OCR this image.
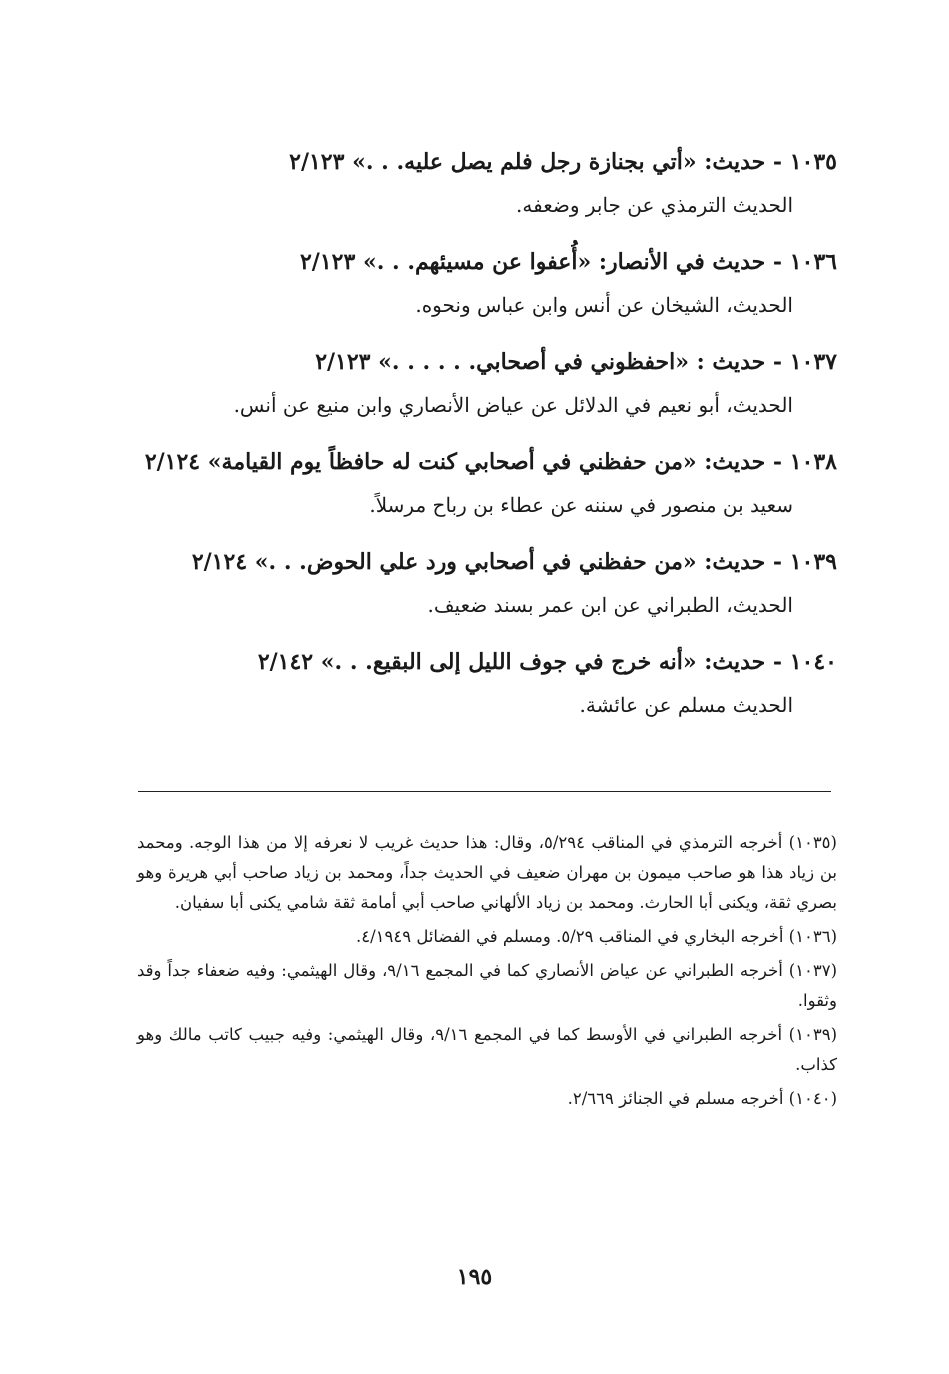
١٠٣٥ - حديث: «أتي بجنازة رجل فلم يصل عليه. . .» ٢/١٢٣
الحديث الترمذي عن جابر وضعفه.
١٠٣٦ - حديث في الأنصار: «أُعفوا عن مسيئهم. . .» ٢/١٢٣
الحديث، الشيخان عن أنس وابن عباس ونحوه.
١٠٣٧ - حديث : «احفظوني في أصحابي. . . . . .» ٢/١٢٣
الحديث، أبو نعيم في الدلائل عن عياض الأنصاري وابن منيع عن أنس.
١٠٣٨ - حديث: «من حفظني في أصحابي كنت له حافظاً يوم القيامة» ٢/١٢٤
سعيد بن منصور في سننه عن عطاء بن رباح مرسلاً.
١٠٣٩ - حديث: «من حفظني في أصحابي ورد علي الحوض. . .» ٢/١٢٤
الحديث، الطبراني عن ابن عمر بسند ضعيف.
١٠٤٠ - حديث: «أنه خرج في جوف الليل إلى البقيع. . .» ٢/١٤٢
الحديث مسلم عن عائشة.
(١٠٣٥) أخرجه الترمذي في المناقب ٥/٢٩٤، وقال: هذا حديث غريب لا نعرفه إلا من هذا الوجه. ومحمد بن زياد هذا هو صاحب ميمون بن مهران ضعيف في الحديث جداً، ومحمد بن زياد صاحب أبي هريرة وهو بصري ثقة، ويكنى أبا الحارث. ومحمد بن زياد الألهاني صاحب أبي أمامة ثقة شامي يكنى أبا سفيان.
(١٠٣٦) أخرجه البخاري في المناقب ٥/٢٩. ومسلم في الفضائل ٤/١٩٤٩.
(١٠٣٧) أخرجه الطبراني عن عياض الأنصاري كما في المجمع ٩/١٦، وقال الهيثمي: وفيه ضعفاء جداً وقد وثقوا.
(١٠٣٩) أخرجه الطبراني في الأوسط كما في المجمع ٩/١٦، وقال الهيثمي: وفيه جبيب كاتب مالك وهو كذاب.
(١٠٤٠) أخرجه مسلم في الجنائز ٢/٦٦٩.
١٩٥
